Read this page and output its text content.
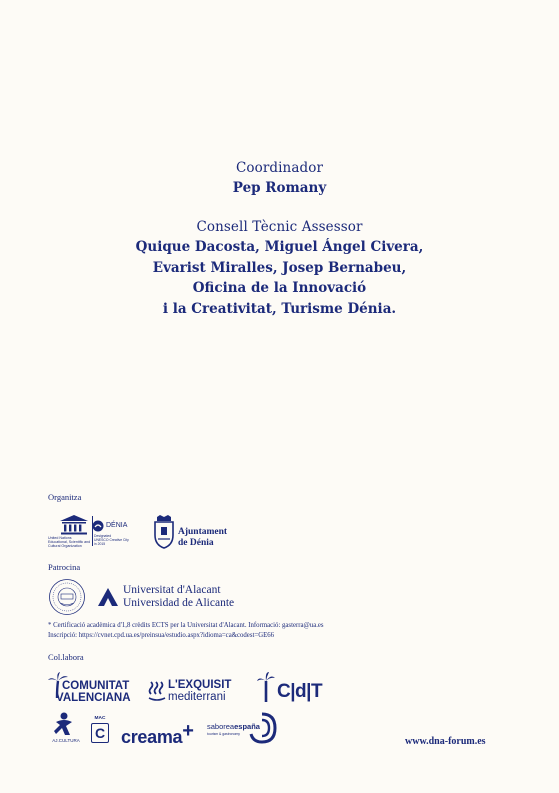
Coordinador
Pep Romany
Consell Tècnic Assessor
Quique Dacosta, Miguel Ángel Civera,
Evarist Miralles, Josep Bernabeu,
Oficina de la Innovació
i la Creativitat, Turisme Dénia.
Organitza
United Nations
Educational, Scientific and
Cultural Organization
DÉNIA
Designated
UNESCO Creative City
in 2015
Ajuntament
de Dénia
Patrocina
Universitat d'Alacant
Universidad de Alicante
* Certificació acadèmica d'1,8 crèdits ECTS per la Universitat d'Alacant. Informació: gasterra@ua.es
Inscripció: https://cvnet.cpd.ua.es/preinsua/estudio.aspx?idioma=ca&codest=GE66
Col.labora
COMUNITAT
VALENCIANA
L'EXQUISIT
mediterrani	C|d|T
AJ.CULTURA
MAC
C creama+ saboreaespaña
tourism & gastronomy
www.dna-forum.es
